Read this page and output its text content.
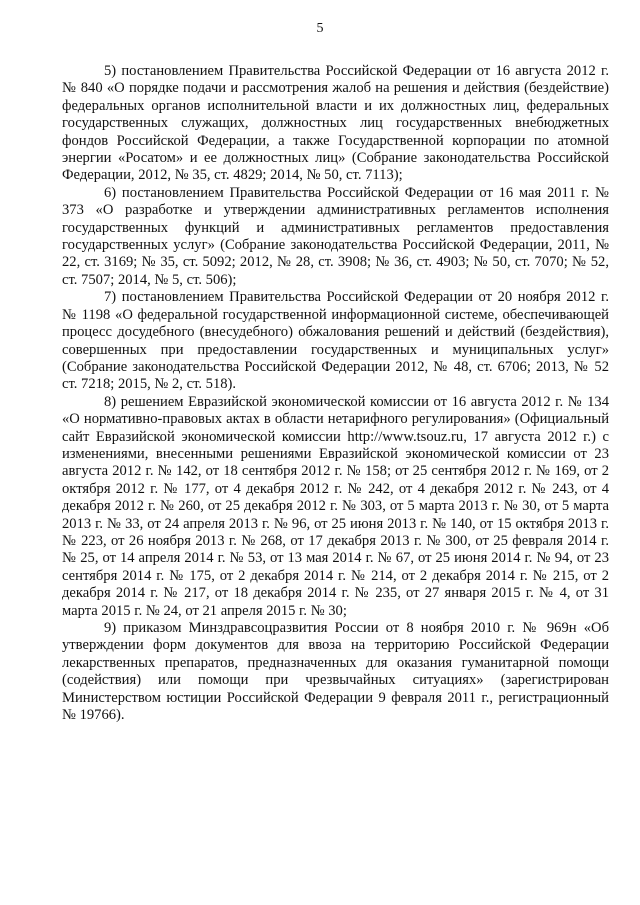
5

5) постановлением Правительства Российской Федерации от 16 августа 2012 г. № 840 «О порядке подачи и рассмотрения жалоб на решения и действия (бездействие) федеральных органов исполнительной власти и их должностных лиц, федеральных государственных служащих, должностных лиц государственных внебюджетных фондов Российской Федерации, а также Государственной корпорации по атомной энергии «Росатом» и ее должностных лиц» (Собрание законодательства Российской Федерации, 2012, № 35, ст. 4829; 2014, № 50, ст. 7113);

6) постановлением Правительства Российской Федерации от 16 мая 2011 г. № 373 «О разработке и утверждении административных регламентов исполнения государственных функций и административных регламентов предоставления государственных услуг» (Собрание законодательства Российской Федерации, 2011, № 22, ст. 3169; № 35, ст. 5092; 2012, № 28, ст. 3908; № 36, ст. 4903; № 50, ст. 7070; № 52, ст. 7507; 2014, № 5, ст. 506);

7) постановлением Правительства Российской Федерации от 20 ноября 2012 г. № 1198 «О федеральной государственной информационной системе, обеспечивающей процесс досудебного (внесудебного) обжалования решений и действий (бездействия), совершенных при предоставлении государственных и муниципальных услуг» (Собрание законодательства Российской Федерации 2012, № 48, ст. 6706; 2013, № 52 ст. 7218; 2015, № 2, ст. 518).

8) решением Евразийской экономической комиссии от 16 августа 2012 г. № 134 «О нормативно-правовых актах в области нетарифного регулирования» (Официальный сайт Евразийской экономической комиссии http://www.tsouz.ru, 17 августа 2012 г.) с изменениями, внесенными решениями Евразийской экономической комиссии от 23 августа 2012 г. № 142, от 18 сентября 2012 г. № 158; от 25 сентября 2012 г. № 169, от 2 октября 2012 г. № 177, от 4 декабря 2012 г. № 242, от 4 декабря 2012 г. № 243, от 4 декабря 2012 г. № 260, от 25 декабря 2012 г. № 303, от 5 марта 2013 г. № 30, от 5 марта 2013 г. № 33, от 24 апреля 2013 г. № 96, от 25 июня 2013 г. № 140, от 15 октября 2013 г. № 223, от 26 ноября 2013 г. № 268, от 17 декабря 2013 г. № 300, от 25 февраля 2014 г. № 25, от 14 апреля 2014 г. № 53, от 13 мая 2014 г. № 67, от 25 июня 2014 г. № 94, от 23 сентября 2014 г. № 175, от 2 декабря 2014 г. № 214, от 2 декабря 2014 г. № 215, от 2 декабря 2014 г. № 217, от 18 декабря 2014 г. № 235, от 27 января 2015 г. № 4, от 31 марта 2015 г. № 24, от 21 апреля 2015 г. № 30;

9) приказом Минздравсоцразвития России от 8 ноября 2010 г. № 969н «Об утверждении форм документов для ввоза на территорию Российской Федерации лекарственных препаратов, предназначенных для оказания гуманитарной помощи (содействия) или помощи при чрезвычайных ситуациях» (зарегистрирован Министерством юстиции Российской Федерации 9 февраля 2011 г., регистрационный № 19766).
